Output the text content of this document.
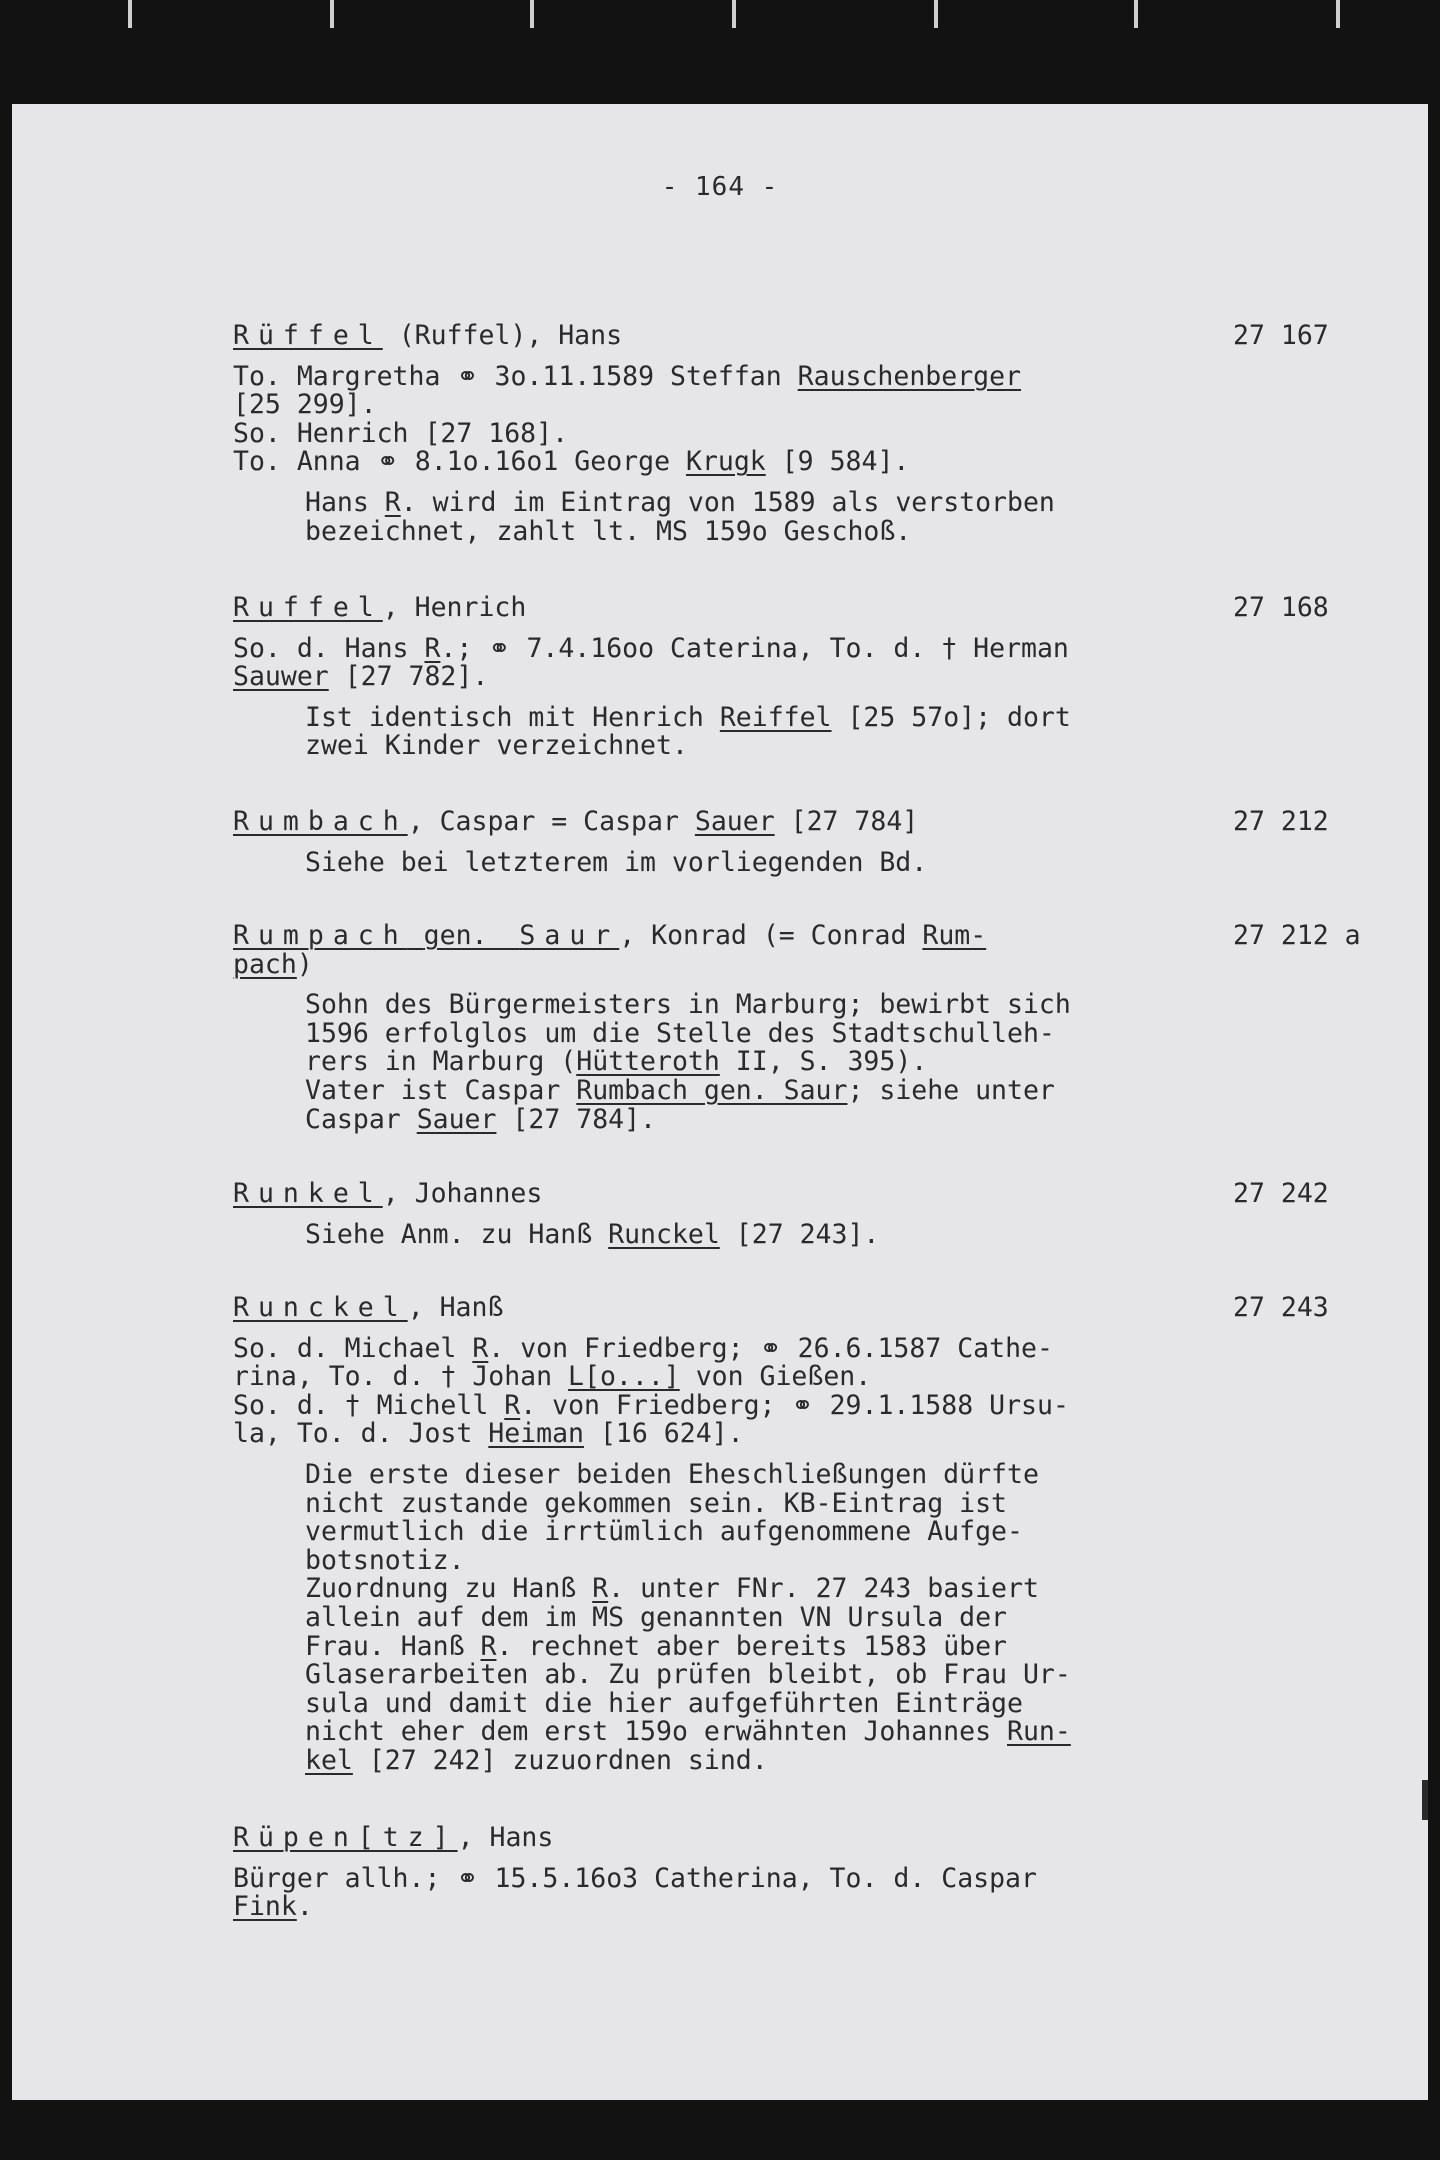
- 164 -
Rüffel (Ruffel), Hans	27 167
To. Margretha ⚭ 3o.11.1589 Steffan Rauschenberger
[25 299].
So. Henrich [27 168].
To. Anna ⚭ 8.1o.16o1 George Krugk [9 584].
Hans R. wird im Eintrag von 1589 als verstorben
bezeichnet, zahlt lt. MS 159o Geschoß.
Ruffel, Henrich	27 168
So. d. Hans R.; ⚭ 7.4.16oo Caterina, To. d. † Herman
Sauwer [27 782].
Ist identisch mit Henrich Reiffel [25 57o]; dort
zwei Kinder verzeichnet.
Rumbach, Caspar = Caspar Sauer [27 784]	27 212
Siehe bei letzterem im vorliegenden Bd.
Rumpach gen. Saur, Konrad (= Conrad Rum-	27 212 a
pach)
Sohn des Bürgermeisters in Marburg; bewirbt sich
1596 erfolglos um die Stelle des Stadtschulleh-
rers in Marburg (Hütteroth II, S. 395).
Vater ist Caspar Rumbach gen. Saur; siehe unter
Caspar Sauer [27 784].
Runkel, Johannes	27 242
Siehe Anm. zu Hanß Runckel [27 243].
Runckel, Hanß	27 243
So. d. Michael R. von Friedberg; ⚭ 26.6.1587 Cathe-
rina, To. d. † Johan L[o...] von Gießen.
So. d. † Michell R. von Friedberg; ⚭ 29.1.1588 Ursu-
la, To. d. Jost Heiman [16 624].
Die erste dieser beiden Eheschließungen dürfte
nicht zustande gekommen sein. KB-Eintrag ist
vermutlich die irrtümlich aufgenommene Aufge-
botsnotiz.
Zuordnung zu Hanß R. unter FNr. 27 243 basiert
allein auf dem im MS genannten VN Ursula der
Frau. Hanß R. rechnet aber bereits 1583 über
Glaserarbeiten ab. Zu prüfen bleibt, ob Frau Ur-
sula und damit die hier aufgeführten Einträge
nicht eher dem erst 159o erwähnten Johannes Run-
kel [27 242] zuzuordnen sind.
Rüpen[tz], Hans
Bürger allh.; ⚭ 15.5.16o3 Catherina, To. d. Caspar
Fink.
